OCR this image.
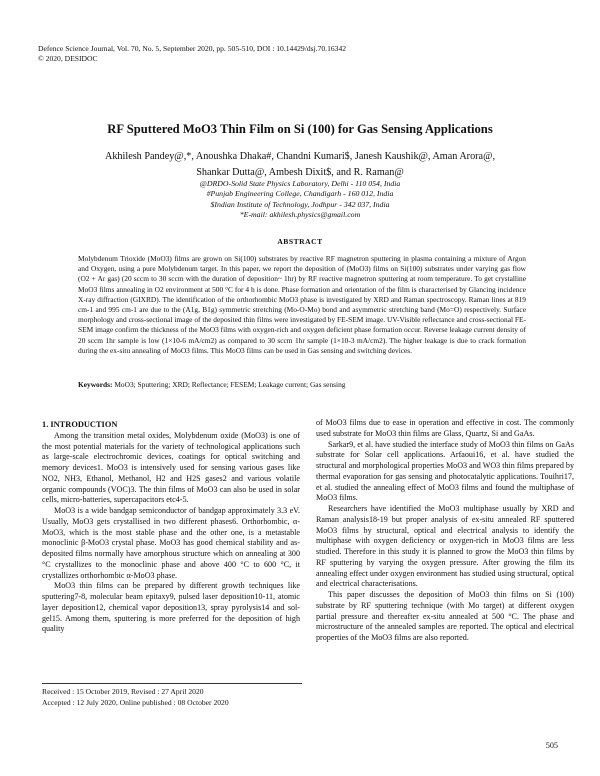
Defence Science Journal, Vol. 70, No. 5, September 2020, pp. 505-510, DOI : 10.14429/dsj.70.16342
© 2020, DESIDOC
RF Sputtered MoO3 Thin Film on Si (100) for Gas Sensing Applications
Akhilesh Pandey@,*, Anoushka Dhaka#, Chandni Kumari$, Janesh Kaushik@, Aman Arora@,
Shankar Dutta@, Ambesh Dixit$, and R. Raman@
@DRDO-Solid State Physics Laboratory, Delhi - 110 054, India
#Punjab Engineering College, Chandigarh - 160 012, India
$Indian Institute of Technology, Jodhpur - 342 037, India
*E-mail: akhilesh.physics@gmail.com
ABSTRACT
Molybdenum Trioxide (MoO3) films are grown on Si(100) substrates by reactive RF magnetron sputtering in plasma containing a mixture of Argon and Oxygen, using a pure Molybdenum target. In this paper, we report the deposition of (MoO3) films on Si(100) substrates under varying gas flow (O2 + Ar gas) (20 sccm to 30 sccm with the duration of deposition~ 1hr) by RF reactive magnetron sputtering at room temperature. To get crystalline MoO3 films annealing in O2 environment at 500 °C for 4 h is done. Phase formation and orientation of the film is characterised by Glancing incidence X-ray diffraction (GIXRD). The identification of the orthorhombic MoO3 phase is investigated by XRD and Raman spectroscopy. Raman lines at 819 cm-1 and 995 cm-1 are due to the (A1g, B1g) symmetric stretching (Mo-O-Mo) bond and asymmetric stretching band (Mo=O) respectively. Surface morphology and cross-sectional image of the deposited thin films were investigated by FE-SEM image. UV-Visible reflectance and cross-sectional FE-SEM image confirm the thickness of the MoO3 films with oxygen-rich and oxygen deficient phase formation occur. Reverse leakage current density of 20 sccm 1hr sample is low (1×10-6 mA/cm2) as compared to 30 sccm 1hr sample (1×10-3 mA/cm2). The higher leakage is due to crack formation during the ex-situ annealing of MoO3 films. This MoO3 films can be used in Gas sensing and switching devices.
Keywords: MoO3; Sputtering; XRD; Reflectance; FESEM; Leakage current; Gas sensing

1. INTRODUCTION

Among the transition metal oxides, Molybdenum oxide (MoO3) is one of the most potential materials for the variety of technological applications such as large-scale electrochromic devices, coatings for optical switching and memory devices1. MoO3 is intensively used for sensing various gases like NO2, NH3, Ethanol, Methanol, H2 and H2S gases2 and various volatile organic compounds (VOC)3. The thin films of MoO3 can also be used in solar cells, micro-batteries, supercapacitors etc4-5.

MoO3 is a wide bandgap semiconductor of bandgap approximately 3.3 eV. Usually, MoO3 gets crystallised in two different phases6. Orthorhombic, α-MoO3, which is the most stable phase and the other one, is a metastable monoclinic β-MoO3 crystal phase. MoO3 has good chemical stability and as-deposited films normally have amorphous structure which on annealing at 300 °C crystallizes to the monoclinic phase and above 400 °C to 600 °C, it crystallizes orthorhombic α-MoO3 phase.

MoO3 thin films can be prepared by different growth techniques like sputtering7-8, molecular beam epitaxy9, pulsed laser deposition10-11, atomic layer deposition12, chemical vapor deposition13, spray pyrolysis14 and sol-gel15. Among them, sputtering is more preferred for the deposition of high quality

of MoO3 films due to ease in operation and effective in cost. The commonly used substrate for MoO3 thin films are Glass, Quartz, Si and GaAs.

Sarkar9, et al. have studied the interface study of MoO3 thin films on GaAs substrate for Solar cell applications. Arfaoui16, et al. have studied the structural and morphological properties MoO3 and WO3 thin films prepared by thermal evaporation for gas sensing and photocatalytic applications. Touihri17, et al. studied the annealing effect of MoO3 films and found the multiphase of MoO3 films.

Researchers have identified the MoO3 multiphase usually by XRD and Raman analysis18-19 but proper analysis of ex-situ annealed RF sputtered MoO3 films by structural, optical and electrical analysis to identify the multiphase with oxygen deficiency or oxygen-rich in MoO3 films are less studied. Therefore in this study it is planned to grow the MoO3 thin films by RF sputtering by varying the oxygen pressure. After growing the film its annealing effect under oxygen environment has studied using structural, optical and electrical characterisations.

This paper discusses the deposition of MoO3 thin films on Si (100) substrate by RF sputtering technique (with Mo target) at different oxygen partial pressure and thereafter ex-situ annealed at 500 °C. The phase and microstructure of the annealed samples are reported. The optical and electrical properties of the MoO3 films are also reported.

Received : 15 October 2019, Revised : 27 April 2020
Accepted : 12 July 2020, Online published : 08 October 2020
505
